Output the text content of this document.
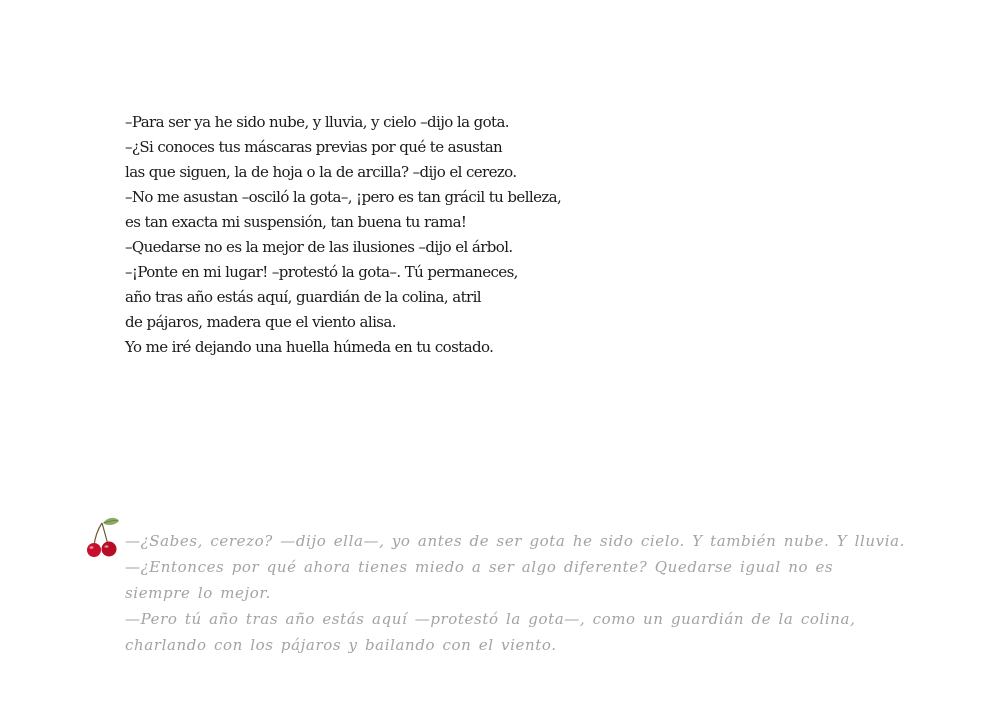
–Para ser ya he sido nube, y lluvia, y cielo –dijo la gota.
–¿Si conoces tus máscaras previas por qué te asustan
las que siguen, la de hoja o la de arcilla? –dijo el cerezo.
–No me asustan –osciló la gota–, ¡pero es tan grácil tu belleza,
es tan exacta mi suspensión, tan buena tu rama!
–Quedarse no es la mejor de las ilusiones –dijo el árbol.
–¡Ponte en mi lugar! –protestó la gota–. Tú permaneces,
año tras año estás aquí, guardián de la colina, atril
de pájaros, madera que el viento alisa.
Yo me iré dejando una huella húmeda en tu costado.
—¿Sabes, cerezo? —dijo ella—, yo antes de ser gota he sido cielo. Y también nube. Y lluvia.
—¿Entonces por qué ahora tienes miedo a ser algo diferente? Quedarse igual no es
siempre lo mejor.
—Pero tú año tras año estás aquí —protestó la gota—, como un guardián de la colina,
charlando con los pájaros y bailando con el viento.
